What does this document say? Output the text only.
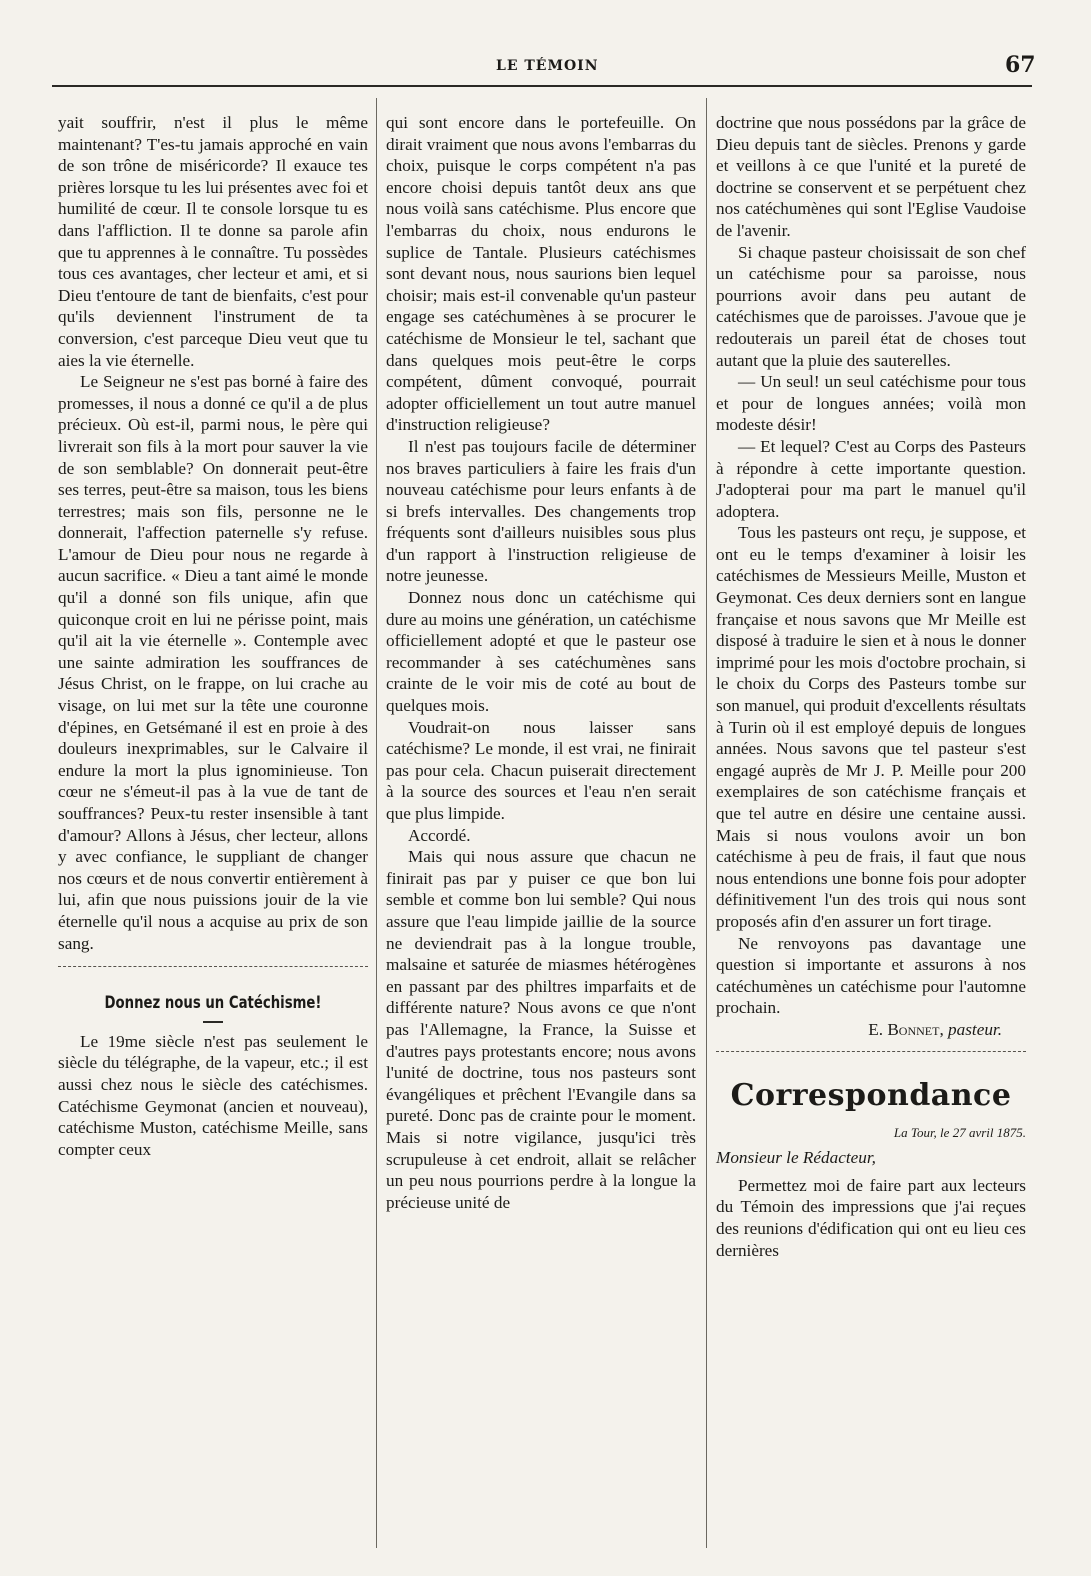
LE TÉMOIN	67

yait souffrir, n'est il plus le même maintenant? T'es-tu jamais approché en vain de son trône de miséricorde? Il exauce tes prières lorsque tu les lui présentes avec foi et humilité de cœur. Il te console lorsque tu es dans l'affliction. Il te donne sa parole afin que tu apprennes à le connaître. Tu possèdes tous ces avantages, cher lecteur et ami, et si Dieu t'entoure de tant de bienfaits, c'est pour qu'ils deviennent l'instrument de ta conversion, c'est parceque Dieu veut que tu aies la vie éternelle.

Le Seigneur ne s'est pas borné à faire des promesses, il nous a donné ce qu'il a de plus précieux. Où est-il, parmi nous, le père qui livrerait son fils à la mort pour sauver la vie de son semblable? On donnerait peut-être ses terres, peut-être sa maison, tous les biens terrestres; mais son fils, personne ne le donnerait, l'affection paternelle s'y refuse. L'amour de Dieu pour nous ne regarde à aucun sacrifice. « Dieu a tant aimé le monde qu'il a donné son fils unique, afin que quiconque croit en lui ne périsse point, mais qu'il ait la vie éternelle ». Contemple avec une sainte admiration les souffrances de Jésus Christ, on le frappe, on lui crache au visage, on lui met sur la tête une couronne d'épines, en Getsémané il est en proie à des douleurs inexprimables, sur le Calvaire il endure la mort la plus ignominieuse. Ton cœur ne s'émeut-il pas à la vue de tant de souffrances? Peux-tu rester insensible à tant d'amour? Allons à Jésus, cher lecteur, allons y avec confiance, le suppliant de changer nos cœurs et de nous convertir entièrement à lui, afin que nous puissions jouir de la vie éternelle qu'il nous a acquise au prix de son sang.

Donnez nous un Catéchisme!

Le 19me siècle n'est pas seulement le siècle du télégraphe, de la vapeur, etc.; il est aussi chez nous le siècle des catéchismes. Catéchisme Geymonat (ancien et nouveau), catéchisme Muston, catéchisme Meille, sans compter ceux

qui sont encore dans le portefeuille. On dirait vraiment que nous avons l'embarras du choix, puisque le corps compétent n'a pas encore choisi depuis tantôt deux ans que nous voilà sans catéchisme. Plus encore que l'embarras du choix, nous endurons le suplice de Tantale. Plusieurs catéchismes sont devant nous, nous saurions bien lequel choisir; mais est-il convenable qu'un pasteur engage ses catéchumènes à se procurer le catéchisme de Monsieur le tel, sachant que dans quelques mois peut-être le corps compétent, dûment convoqué, pourrait adopter officiellement un tout autre manuel d'instruction religieuse?

Il n'est pas toujours facile de déterminer nos braves particuliers à faire les frais d'un nouveau catéchisme pour leurs enfants à de si brefs intervalles. Des changements trop fréquents sont d'ailleurs nuisibles sous plus d'un rapport à l'instruction religieuse de notre jeunesse.

Donnez nous donc un catéchisme qui dure au moins une génération, un catéchisme officiellement adopté et que le pasteur ose recommander à ses catéchumènes sans crainte de le voir mis de coté au bout de quelques mois.

Voudrait-on nous laisser sans catéchisme? Le monde, il est vrai, ne finirait pas pour cela. Chacun puiserait directement à la source des sources et l'eau n'en serait que plus limpide.

Accordé.

Mais qui nous assure que chacun ne finirait pas par y puiser ce que bon lui semble et comme bon lui semble? Qui nous assure que l'eau limpide jaillie de la source ne deviendrait pas à la longue trouble, malsaine et saturée de miasmes hétérogènes en passant par des philtres imparfaits et de différente nature? Nous avons ce que n'ont pas l'Allemagne, la France, la Suisse et d'autres pays protestants encore; nous avons l'unité de doctrine, tous nos pasteurs sont évangéliques et prêchent l'Evangile dans sa pureté. Donc pas de crainte pour le moment. Mais si notre vigilance, jusqu'ici très scrupuleuse à cet endroit, allait se relâcher un peu nous pourrions perdre à la longue la précieuse unité de

doctrine que nous possédons par la grâce de Dieu depuis tant de siècles. Prenons y garde et veillons à ce que l'unité et la pureté de doctrine se conservent et se perpétuent chez nos catéchumènes qui sont l'Eglise Vaudoise de l'avenir.

Si chaque pasteur choisissait de son chef un catéchisme pour sa paroisse, nous pourrions avoir dans peu autant de catéchismes que de paroisses. J'avoue que je redouterais un pareil état de choses tout autant que la pluie des sauterelles.

— Un seul! un seul catéchisme pour tous et pour de longues années; voilà mon modeste désir!

— Et lequel? C'est au Corps des Pasteurs à répondre à cette importante question. J'adopterai pour ma part le manuel qu'il adoptera.

Tous les pasteurs ont reçu, je suppose, et ont eu le temps d'examiner à loisir les catéchismes de Messieurs Meille, Muston et Geymonat. Ces deux derniers sont en langue française et nous savons que Mr Meille est disposé à traduire le sien et à nous le donner imprimé pour les mois d'octobre prochain, si le choix du Corps des Pasteurs tombe sur son manuel, qui produit d'excellents résultats à Turin où il est employé depuis de longues années. Nous savons que tel pasteur s'est engagé auprès de Mr J. P. Meille pour 200 exemplaires de son catéchisme français et que tel autre en désire une centaine aussi. Mais si nous voulons avoir un bon catéchisme à peu de frais, il faut que nous nous entendions une bonne fois pour adopter définitivement l'un des trois qui nous sont proposés afin d'en assurer un fort tirage.

Ne renvoyons pas davantage une question si importante et assurons à nos catéchumènes un catéchisme pour l'automne prochain.

E. Bonnet, pasteur.

Correspondance

La Tour, le 27 avril 1875.

Monsieur le Rédacteur,

Permettez moi de faire part aux lecteurs du Témoin des impressions que j'ai reçues des reunions d'édification qui ont eu lieu ces dernières
